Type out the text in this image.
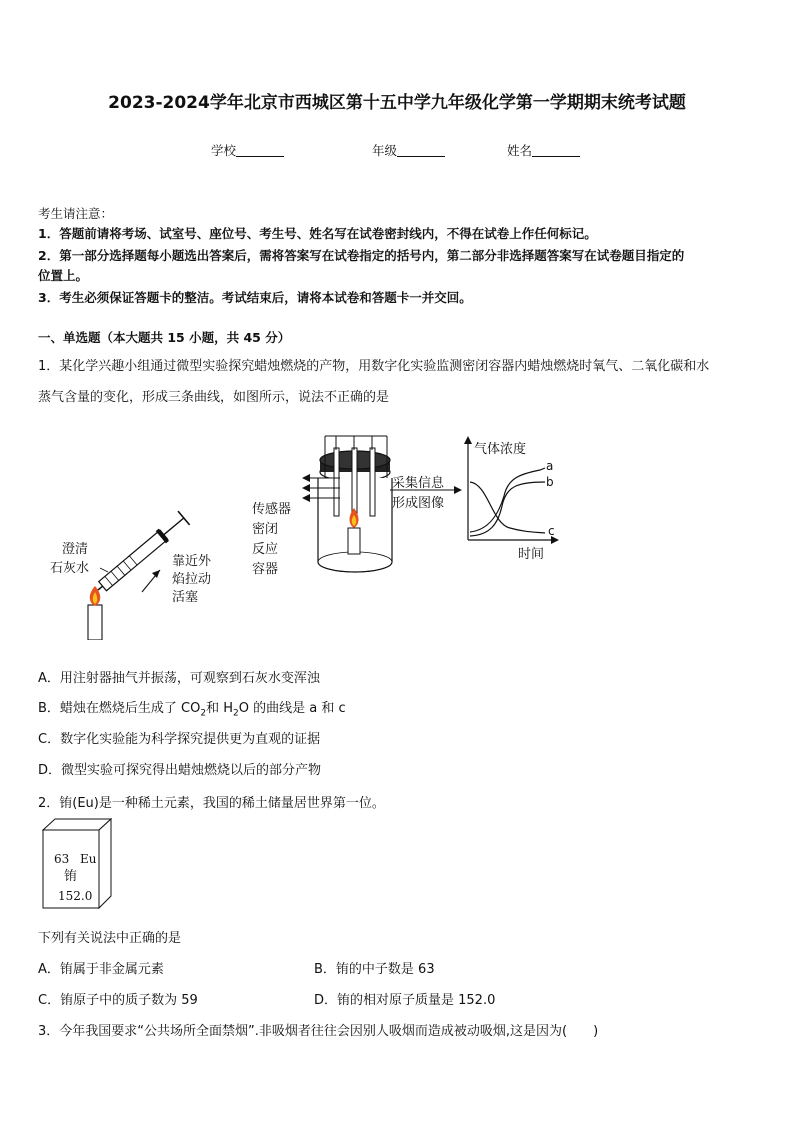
2023-2024学年北京市西城区第十五中学九年级化学第一学期期末统考试题
学校	年级	姓名
考生请注意：
1．答题前请将考场、试室号、座位号、考生号、姓名写在试卷密封线内，不得在试卷上作任何标记。
2．第一部分选择题每小题选出答案后，需将答案写在试卷指定的括号内，第二部分非选择题答案写在试卷题目指定的
位置上。
3．考生必须保证答题卡的整洁。考试结束后，请将本试卷和答题卡一并交回。
一、单选题（本大题共 15 小题，共 45 分）
1．某化学兴趣小组通过微型实验探究蜡烛燃烧的产物，用数字化实验监测密闭容器内蜡烛燃烧时氧气、二氧化碳和水
蒸气含量的变化，形成三条曲线，如图所示，说法不正确的是
澄清
石灰水	靠近外
焰拉动
活塞
传感器
密闭
反应
容器
采集信息
形成图像
气体浓度
时间
a
b
c
A．用注射器抽气并振荡，可观察到石灰水变浑浊
B．蜡烛在燃烧后生成了 $CO_2$和 $H_2O$ 的曲线是 a 和 c
C．数字化实验能为科学探究提供更为直观的证据
D．微型实验可探究得出蜡烛燃烧以后的部分产物
2．铕(Eu)是一种稀土元素，我国的稀土储量居世界第一位。
63 Eu
铕
152.0
下列有关说法中正确的是
A．铕属于非金属元素	B．铕的中子数是 63
C．铕原子中的质子数为 59	D．铕的相对原子质量是 152.0
3．今年我国要求“公共场所全面禁烟”.非吸烟者往往会因别人吸烟而造成被动吸烟,这是因为(　　)
